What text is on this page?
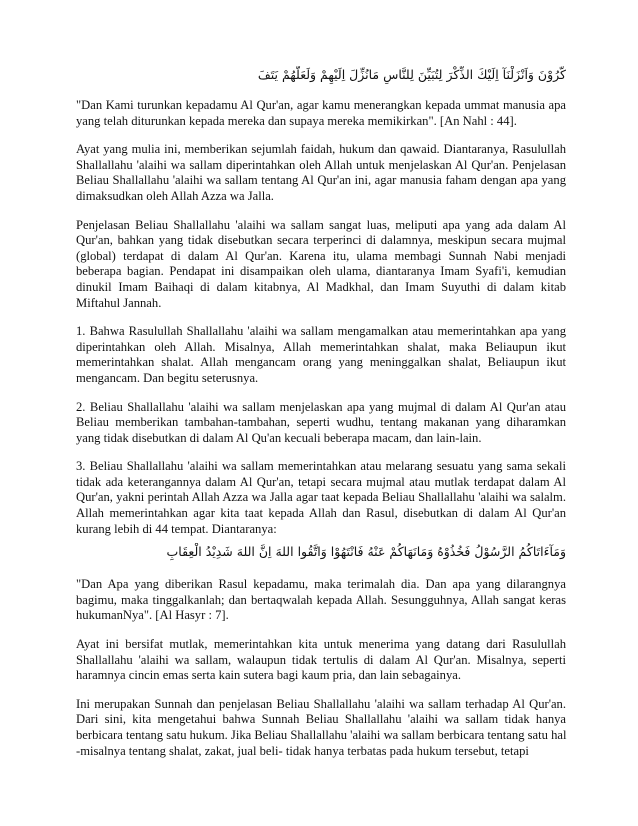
كَّرُوْنَ وَاَنْزَلْنَآ اِلَيْكَ الذِّكْرَ لِتُبَيِّنَ لِلنَّاسِ مَانُزِّلَ اِلَيْهِمْ وَلَعَلَّهُمْ يَتَفَ

"Dan Kami turunkan kepadamu Al Qur'an, agar kamu menerangkan kepada ummat manusia apa
yang telah diturunkan kepada mereka dan supaya mereka memikirkan". [An Nahl : 44].
Ayat yang mulia ini, memberikan sejumlah faidah, hukum dan qawaid. Diantaranya, Rasulullah
Shallallahu 'alaihi wa sallam diperintahkan oleh Allah untuk menjelaskan Al Qur'an. Penjelasan
Beliau Shallallahu 'alaihi wa sallam tentang Al Qur'an ini, agar manusia faham dengan apa yang
dimaksudkan oleh Allah Azza wa Jalla.
Penjelasan Beliau Shallallahu 'alaihi wa sallam sangat luas, meliputi apa yang ada dalam Al
Qur'an, bahkan yang tidak disebutkan secara terperinci di dalamnya, meskipun secara mujmal
(global) terdapat di dalam Al Qur'an. Karena itu, ulama membagi Sunnah Nabi menjadi
beberapa bagian. Pendapat ini disampaikan oleh ulama, diantaranya Imam Syafi'i, kemudian
dinukil Imam Baihaqi di dalam kitabnya, Al Madkhal, dan Imam Suyuthi di dalam kitab
Miftahul Jannah.
1. Bahwa Rasulullah Shallallahu 'alaihi wa sallam mengamalkan atau memerintahkan apa yang
diperintahkan oleh Allah. Misalnya, Allah memerintahkan shalat, maka Beliaupun ikut
memerintahkan shalat. Allah mengancam orang yang meninggalkan shalat, Beliaupun ikut
mengancam. Dan begitu seterusnya.
2. Beliau Shallallahu 'alaihi wa sallam menjelaskan apa yang mujmal di dalam Al Qur'an atau
Beliau memberikan tambahan-tambahan, seperti wudhu, tentang makanan yang diharamkan
yang tidak disebutkan di dalam Al Qu'an kecuali beberapa macam, dan lain-lain.
3. Beliau Shallallahu 'alaihi wa sallam memerintahkan atau melarang sesuatu yang sama sekali
tidak ada keterangannya dalam Al Qur'an, tetapi secara mujmal atau mutlak terdapat dalam Al
Qur'an, yakni perintah Allah Azza wa Jalla agar taat kepada Beliau Shallallahu 'alaihi wa salalm.
Allah memerintahkan agar kita taat kepada Allah dan Rasul, disebutkan di dalam Al Qur'an
kurang lebih di 44 tempat. Diantaranya:

وَمَآءَاتَاكُمُ الرَّسُوْلُ فَخُذُوْهُ وَمَانَهَاكُمْ عَنْهُ فَانْتَهُوْا وَاتَّقُوا اللهَ اِنَّ اللهَ شَدِيْدُ الْعِقَابِ

"Dan Apa yang diberikan Rasul kepadamu, maka terimalah dia. Dan apa yang dilarangnya
bagimu, maka tinggalkanlah; dan bertaqwalah kepada Allah. Sesungguhnya, Allah sangat keras
hukumanNya". [Al Hasyr : 7].
Ayat ini bersifat mutlak, memerintahkan kita untuk menerima yang datang dari Rasulullah
Shallallahu 'alaihi wa sallam, walaupun tidak tertulis di dalam Al Qur'an. Misalnya, seperti
haramnya cincin emas serta kain sutera bagi kaum pria, dan lain sebagainya.
Ini merupakan Sunnah dan penjelasan Beliau Shallallahu 'alaihi wa sallam terhadap Al Qur'an.
Dari sini, kita mengetahui bahwa Sunnah Beliau Shallallahu 'alaihi wa sallam tidak hanya
berbicara tentang satu hukum. Jika Beliau Shallallahu 'alaihi wa sallam berbicara tentang satu hal
-misalnya tentang shalat, zakat, jual beli- tidak hanya terbatas pada hukum tersebut, tetapi
